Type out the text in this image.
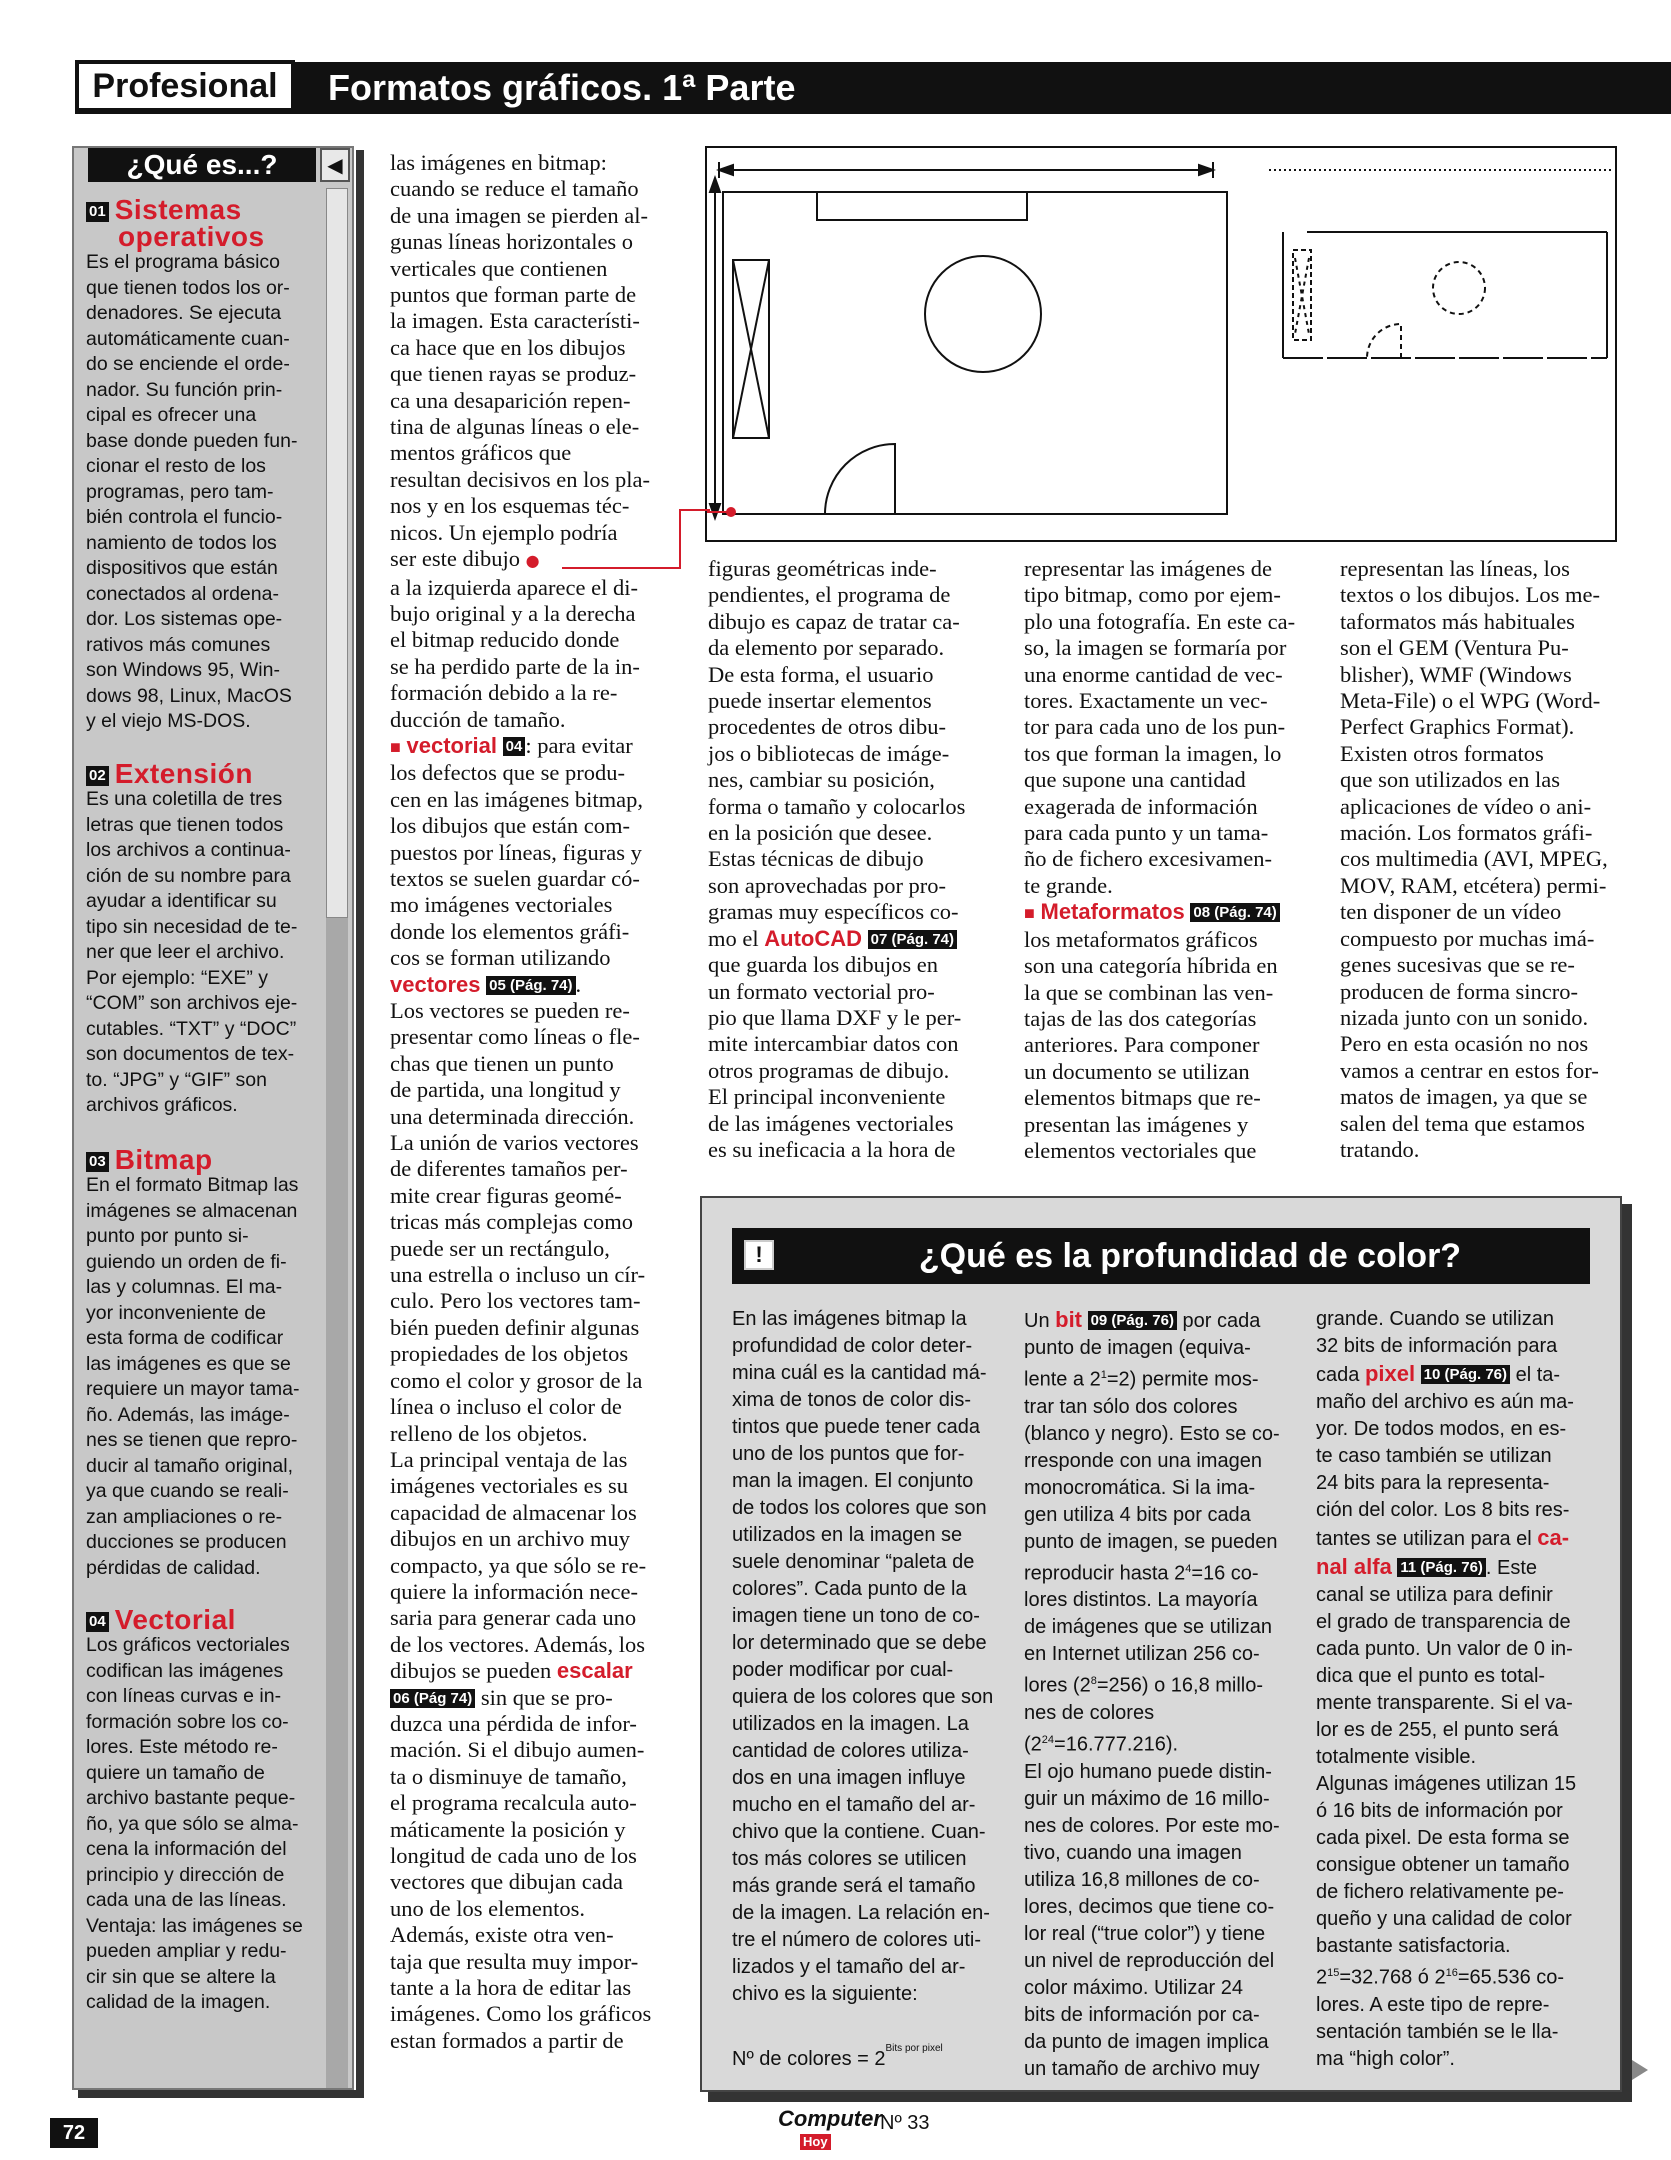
Profesional	Formatos gráficos. 1ª Parte
¿Qué es...?	◀
01 Sistemas
operativos
Es el programa básico
que tienen todos los or-
denadores. Se ejecuta
automáticamente cuan-
do se enciende el orde-
nador. Su función prin-
cipal es ofrecer una
base donde pueden fun-
cionar el resto de los
programas, pero tam-
bién controla el funcio-
namiento de todos los
dispositivos que están
conectados al ordena-
dor. Los sistemas ope-
rativos más comunes
son Windows 95, Win-
dows 98, Linux, MacOS
y el viejo MS-DOS.
02 Extensión
Es una coletilla de tres
letras que tienen todos
los archivos a continua-
ción de su nombre para
ayudar a identificar su
tipo sin necesidad de te-
ner que leer el archivo.
Por ejemplo: “EXE” y
“COM” son archivos eje-
cutables. “TXT” y “DOC”
son documentos de tex-
to. “JPG” y “GIF” son
archivos gráficos.
03 Bitmap
En el formato Bitmap las
imágenes se almacenan
punto por punto si-
guiendo un orden de fi-
las y columnas. El ma-
yor inconveniente de
esta forma de codificar
las imágenes es que se
requiere un mayor tama-
ño. Además, las imáge-
nes se tienen que repro-
ducir al tamaño original,
ya que cuando se reali-
zan ampliaciones o re-
ducciones se producen
pérdidas de calidad.
04 Vectorial
Los gráficos vectoriales
codifican las imágenes
con líneas curvas e in-
formación sobre los co-
lores. Este método re-
quiere un tamaño de
archivo bastante peque-
ño, ya que sólo se alma-
cena la información del
principio y dirección de
cada una de las líneas.
Ventaja: las imágenes se
pueden ampliar y redu-
cir sin que se altere la
calidad de la imagen.
las imágenes en bitmap:
cuando se reduce el tamaño
de una imagen se pierden al-
gunas líneas horizontales o
verticales que contienen
puntos que forman parte de
la imagen. Esta característi-
ca hace que en los dibujos
que tienen rayas se produz-
ca una desaparición repen-
tina de algunas líneas o ele-
mentos gráficos que
resultan decisivos en los pla-
nos y en los esquemas téc-
nicos. Un ejemplo podría
ser este dibujo ●
a la izquierda aparece el di-
bujo original y a la derecha
el bitmap reducido donde
se ha perdido parte de la in-
formación debido a la re-
ducción de tamaño.
■ vectorial 04 : para evitar
los defectos que se produ-
cen en las imágenes bitmap,
los dibujos que están com-
puestos por líneas, figuras y
textos se suelen guardar có-
mo imágenes vectoriales
donde los elementos gráfi-
cos se forman utilizando
vectores 05 (Pág. 74) .
Los vectores se pueden re-
presentar como líneas o fle-
chas que tienen un punto
de partida, una longitud y
una determinada dirección.
La unión de varios vectores
de diferentes tamaños per-
mite crear figuras geomé-
tricas más complejas como
puede ser un rectángulo,
una estrella o incluso un cír-
culo. Pero los vectores tam-
bién pueden definir algunas
propiedades de los objetos
como el color y grosor de la
línea o incluso el color de
relleno de los objetos.
La principal ventaja de las
imágenes vectoriales es su
capacidad de almacenar los
dibujos en un archivo muy
compacto, ya que sólo se re-
quiere la información nece-
saria para generar cada uno
de los vectores. Además, los
dibujos se pueden escalar
06 (Pág 74) sin que se pro-
duzca una pérdida de infor-
mación. Si el dibujo aumen-
ta o disminuye de tamaño,
el programa recalcula auto-
máticamente la posición y
longitud de cada uno de los
vectores que dibujan cada
uno de los elementos.
Además, existe otra ven-
taja que resulta muy impor-
tante a la hora de editar las
imágenes. Como los gráficos
estan formados a partir de
figuras geométricas inde-
pendientes, el programa de
dibujo es capaz de tratar ca-
da elemento por separado.
De esta forma, el usuario
puede insertar elementos
procedentes de otros dibu-
jos o bibliotecas de imáge-
nes, cambiar su posición,
forma o tamaño y colocarlos
en la posición que desee.
Estas técnicas de dibujo
son aprovechadas por pro-
gramas muy específicos co-
mo el AutoCAD 07 (Pág. 74)
que guarda los dibujos en
un formato vectorial pro-
pio que llama DXF y le per-
mite intercambiar datos con
otros programas de dibujo.
El principal inconveniente
de las imágenes vectoriales
es su ineficacia a la hora de
representar las imágenes de
tipo bitmap, como por ejem-
plo una fotografía. En este ca-
so, la imagen se formaría por
una enorme cantidad de vec-
tores. Exactamente un vec-
tor para cada uno de los pun-
tos que forman la imagen, lo
que supone una cantidad
exagerada de información
para cada punto y un tama-
ño de fichero excesivamen-
te grande.
■ Metaformatos 08 (Pág. 74)
los metaformatos gráficos
son una categoría híbrida en
la que se combinan las ven-
tajas de las dos categorías
anteriores. Para componer
un documento se utilizan
elementos bitmaps que re-
presentan las imágenes y
elementos vectoriales que
representan las líneas, los
textos o los dibujos. Los me-
taformatos más habituales
son el GEM (Ventura Pu-
blisher), WMF (Windows
Meta-File) o el WPG (Word-
Perfect Graphics Format).
Existen otros formatos
que son utilizados en las
aplicaciones de vídeo o ani-
mación. Los formatos gráfi-
cos multimedia (AVI, MPEG,
MOV, RAM, etcétera) permi-
ten disponer de un vídeo
compuesto por muchas imá-
genes sucesivas que se re-
producen de forma sincro-
nizada junto con un sonido.
Pero en esta ocasión no nos
vamos a centrar en estos for-
matos de imagen, ya que se
salen del tema que estamos
tratando.
!	¿Qué es la profundidad de color?
En las imágenes bitmap la
profundidad de color deter-
mina cuál es la cantidad má-
xima de tonos de color dis-
tintos que puede tener cada
uno de los puntos que for-
man la imagen. El conjunto
de todos los colores que son
utilizados en la imagen se
suele denominar “paleta de
colores”. Cada punto de la
imagen tiene un tono de co-
lor determinado que se debe
poder modificar por cual-
quiera de los colores que son
utilizados en la imagen. La
cantidad de colores utiliza-
dos en una imagen influye
mucho en el tamaño del ar-
chivo que la contiene. Cuan-
tos más colores se utilicen
más grande será el tamaño
de la imagen. La relación en-
tre el número de colores uti-
lizados y el tamaño del ar-
chivo es la siguiente:

Nº de colores = $2^{Bits por pixel}$
Un bit 09 (Pág. 76) por cada
punto de imagen (equiva-
lente a $2^1=2$) permite mos-
trar tan sólo dos colores
(blanco y negro). Esto se co-
rresponde con una imagen
monocromática. Si la ima-
gen utiliza 4 bits por cada
punto de imagen, se pueden
reproducir hasta $2^4=16$ co-
lores distintos. La mayoría
de imágenes que se utilizan
en Internet utilizan 256 co-
lores $(2^8=256)$ o 16,8 millo-
nes de colores
$(2^{24}=16.777.216)$.
El ojo humano puede distin-
guir un máximo de 16 millo-
nes de colores. Por este mo-
tivo, cuando una imagen
utiliza 16,8 millones de co-
lores, decimos que tiene co-
lor real (“true color”) y tiene
un nivel de reproducción del
color máximo. Utilizar 24
bits de información por ca-
da punto de imagen implica
un tamaño de archivo muy
grande. Cuando se utilizan
32 bits de información para
cada pixel 10 (Pág. 76) el ta-
maño del archivo es aún ma-
yor. De todos modos, en es-
te caso también se utilizan
24 bits para la representa-
ción del color. Los 8 bits res-
tantes se utilizan para el ca-
nal alfa 11 (Pág. 76) . Este
canal se utiliza para definir
el grado de transparencia de
cada punto. Un valor de 0 in-
dica que el punto es total-
mente transparente. Si el va-
lor es de 255, el punto será
totalmente visible.
Algunas imágenes utilizan 15
ó 16 bits de información por
cada pixel. De esta forma se
consigue obtener un tamaño
de fichero relativamente pe-
queño y una calidad de color
bastante satisfactoria.
$2^{15}=32.768$ ó $2^{16}=65.536$ co-
lores. A este tipo de repre-
sentación también se le lla-
ma “high color”.
72
Computer
Hoy
Nº 33
